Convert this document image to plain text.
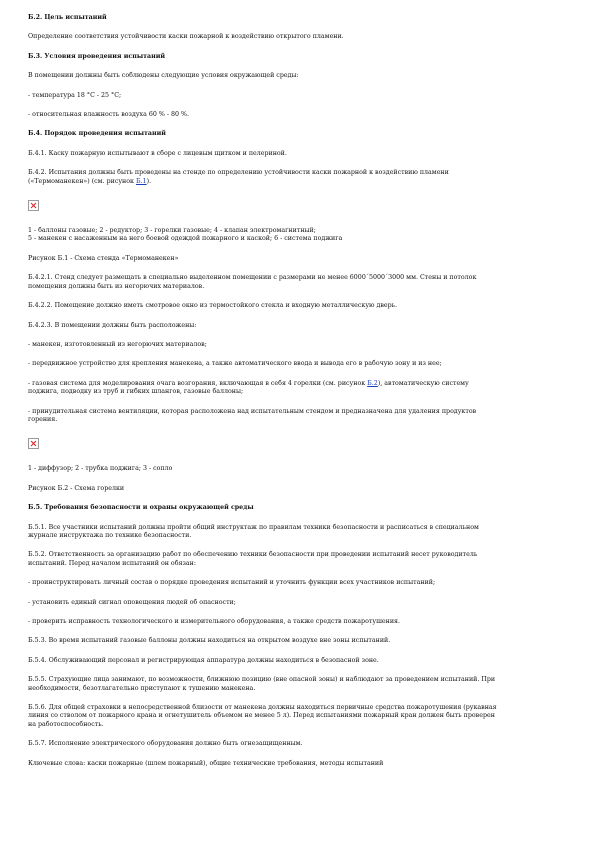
Б.2. Цель испытаний

Определение соответствия устойчивости каски пожарной к воздействию открытого пламени.

Б.3. Условия проведения испытаний

В помещении должны быть соблюдены следующие условия окружающей среды:

- температура 18 °С - 25 °С;

- относительная влажность воздуха 60 % - 80 %.

Б.4. Порядок проведения испытаний

Б.4.1. Каску пожарную испытывают в сборе с лицевым щитком и пелериной.

Б.4.2. Испытания должны быть проведены на стенде по определению устойчивости каски пожарной к воздействию пламени

(«Термоманекен») (см. рисунок Б.1).

1 - баллоны газовые; 2 - редуктор; 3 - горелки газовые; 4 - клапан электромагнитный;

5 - манекен с насаженным на него боевой одеждой пожарного и каской; 6 - система поджига

Рисунок Б.1 - Схема стенда «Термоманекен»

Б.4.2.1. Стенд следует размещать в специально выделенном помещении с размерами не менее 6000´5000´3000 мм. Стены и потолок

помещения должны быть из негорючих материалов.

Б.4.2.2. Помещение должно иметь смотровое окно из термостойкого стекла и входную металлическую дверь.

Б.4.2.3. В помещении должны быть расположены:

- манекен, изготовленный из негорючих материалов;

- передвижное устройство для крепления манекена, а также автоматического ввода и вывода его в рабочую зону и из нее;

- газовая система для моделирования очага возгорания, включающая в себя 4 горелки (см. рисунок Б.2), автоматическую систему

поджига, подводку из труб и гибких шлангов, газовые баллоны;

- принудительная система вентиляции, которая расположена над испытательным стендом и предназначена для удаления продуктов

горения.

1 - диффузор; 2 - трубка поджига; 3 - сопло

Рисунок Б.2 - Схема горелки

Б.5. Требования безопасности и охраны окружающей среды

Б.5.1. Все участники испытаний должны пройти общий инструктаж по правилам техники безопасности и расписаться в специальном

журнале инструктажа по технике безопасности.

Б.5.2. Ответственность за организацию работ по обеспечению техники безопасности при проведении испытаний несет руководитель

испытаний. Перед началом испытаний он обязан:

- проинструктировать личный состав о порядке проведения испытаний и уточнить функции всех участников испытаний;

- установить единый сигнал оповещения людей об опасности;

- проверить исправность технологического и измерительного оборудования, а также средств пожаротушения.

Б.5.3. Во время испытаний газовые баллоны должны находиться на открытом воздухе вне зоны испытаний.

Б.5.4. Обслуживающий персонал и регистрирующая аппаратура должны находиться в безопасной зоне.

Б.5.5. Страхующие лица занимают, по возможности, ближнюю позицию (вне опасной зоны) и наблюдают за проведением испытаний. При

необходимости, безотлагательно приступают к тушению манекена.

Б.5.6. Для общей страховки в непосредственной близости от манекена должны находиться первичные средства пожаротушения (рукавная

линия со стволом от пожарного крана и огнетушитель объемом не менее 5 л). Перед испытаниями пожарный кран должен быть проверен

на работоспособность.

Б.5.7. Исполнение электрического оборудования должно быть огнезащищенным.

Ключевые слова: каски пожарные (шлем пожарный), общие технические требования, методы испытаний
